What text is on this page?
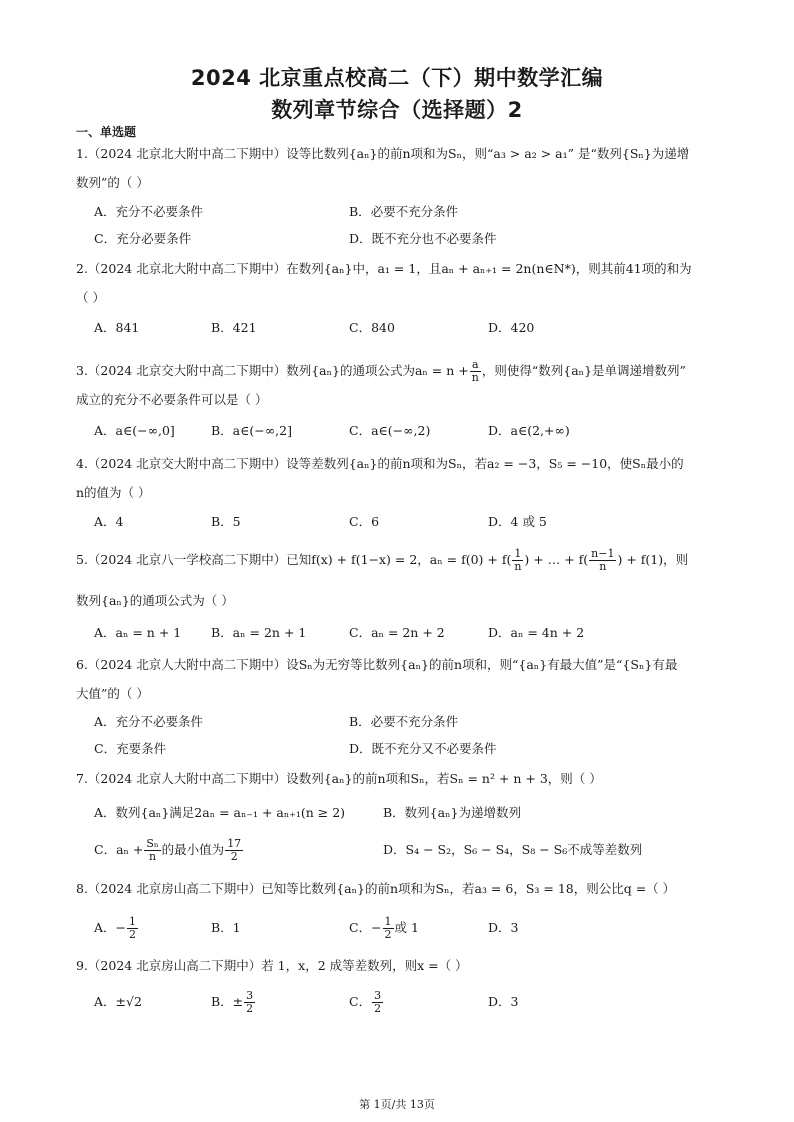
2024 北京重点校高二（下）期中数学汇编
数列章节综合（选择题）2
一、单选题
1.（2024 北京北大附中高二下期中）设等比数列{aₙ}的前n项和为Sₙ，则“a₃ > a₂ > a₁” 是“数列{Sₙ}为递增
数列”的（ ）
A．充分不必要条件	B．必要不充分条件
C．充分必要条件	D．既不充分也不必要条件
2.（2024 北京北大附中高二下期中）在数列{aₙ}中，a₁ = 1，且aₙ + aₙ₊₁ = 2n(n∈N*)，则其前41项的和为
（ ）
A．841	B．421	C．840	D．420
3.（2024 北京交大附中高二下期中）数列{aₙ}的通项公式为$a_n = n + \frac{a}{n}$ ，则使得“数列{aₙ}是单调递增数列”
成立的充分不必要条件可以是（ ）
A．a∈(−∞,0]	B．a∈(−∞,2]	C．a∈(−∞,2)	D．a∈(2,+∞)
4.（2024 北京交大附中高二下期中）设等差数列{aₙ}的前n项和为Sₙ，若a₂ = −3，S₅ = −10，使Sₙ最小的
n的值为（ ）
A．4	B．5	C．6	D．4 或 5
5.（2024 北京八一学校高二下期中）已知f(x) + f(1−x) = 2，$a_n = f(0) + f( \frac{1}{n}$ ) + … + $f( \frac{n-1}{n}$ ) + f(1)，则
数列{aₙ}的通项公式为（ ）
A．aₙ = n + 1 B．aₙ = 2n + 1	C．aₙ = 2n + 2	D．aₙ = 4n + 2
6.（2024 北京人大附中高二下期中）设Sₙ为无穷等比数列{aₙ}的前n项和，则“{aₙ}有最大值”是“{Sₙ}有最
大值”的（ ）
A．充分不必要条件	B．必要不充分条件
C．充要条件	D．既不充分又不必要条件
7.（2024 北京人大附中高二下期中）设数列{aₙ}的前n项和Sₙ，若Sₙ = n² + n + 3，则（ ）
A．数列{aₙ}满足2aₙ = aₙ₋₁ + aₙ₊₁(n ≥ 2)	B．数列{aₙ}为递增数列
C．$a_n + \frac{\text{Sₙ}}{n}$ 的最小值为 $\frac{17}{2}$	D．S₄ − S₂，S₆ − S₄，S₈ − S₆不成等差数列
8.（2024 北京房山高二下期中）已知等比数列{aₙ}的前n项和为Sₙ，若a₃ = 6，S₃ = 18，则公比q =（ ）
A．− $\frac{1}{2}$	B．1	C．− $\frac{1}{2}$ 或 1	D．3
9.（2024 北京房山高二下期中）若 1，x，2 成等差数列，则x =（ ）
A．±√2	B．± $\frac{3}{2}$	C． $\frac{3}{2}$	D．3
第 1页/共 13页
